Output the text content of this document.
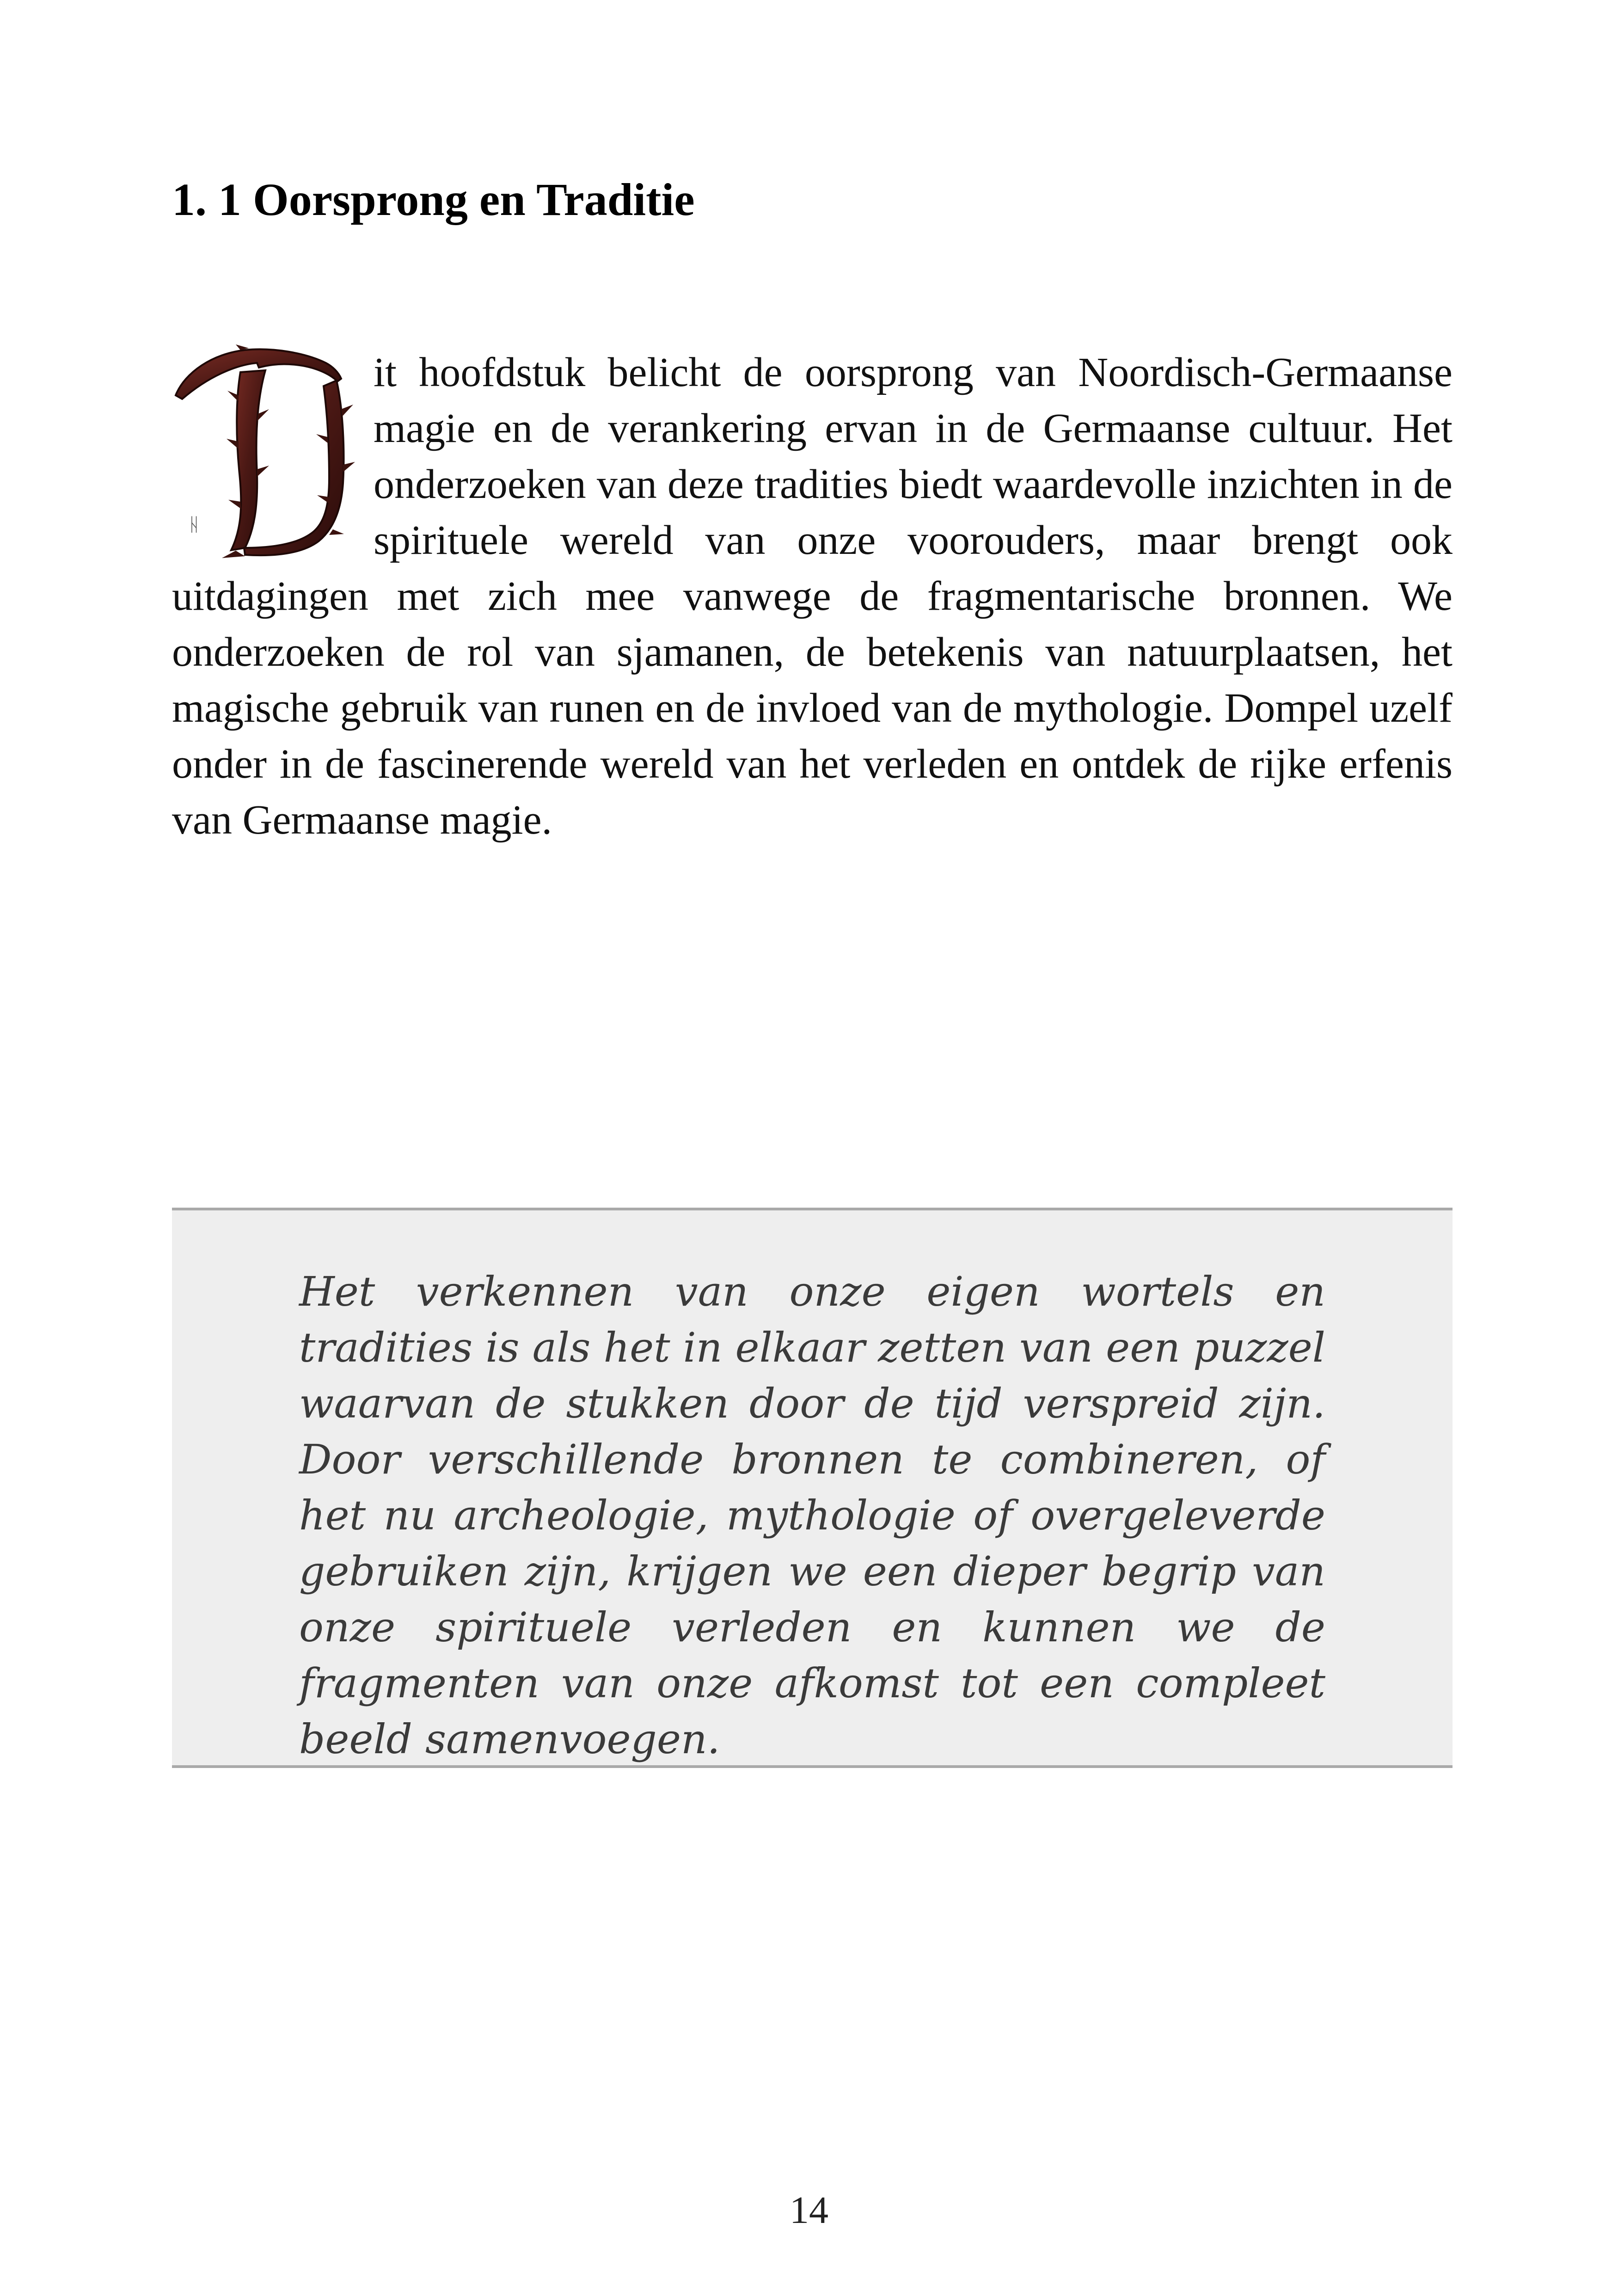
1. 1 Oorsprong en Traditie
ᚺ

it hoofdstuk belicht de oorsprong van Noordisch-Germaanse magie en de verankering ervan in de Germaanse cultuur. Het onderzoeken van deze tradities biedt waardevolle inzichten in de spirituele wereld van onze voorouders, maar brengt ook uitdagingen met zich mee vanwege de fragmentarische bronnen. We onderzoeken de rol van sjamanen, de betekenis van natuurplaatsen, het magische gebruik van runen en de invloed van de mythologie. Dompel uzelf onder in de fascinerende wereld van het verleden en ontdek de rijke erfenis van Germaanse magie.

Het verkennen van onze eigen wortels en tradities is als het in elkaar zetten van een puzzel waarvan de stukken door de tijd verspreid zijn. Door verschillende bronnen te combineren, of het nu archeologie, mythologie of overgeleverde gebruiken zijn, krijgen we een dieper begrip van onze spirituele verleden en kunnen we de fragmenten van onze afkomst tot een compleet beeld samenvoegen.

14
